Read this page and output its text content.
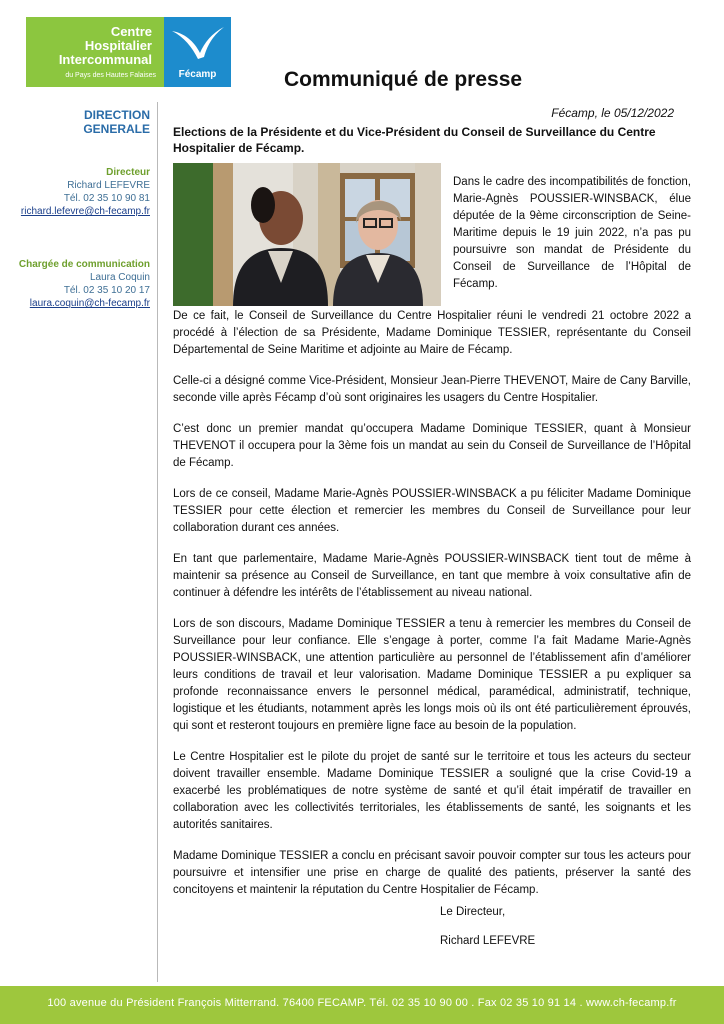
Centre
Hospitalier
Intercommunal
du Pays des Hautes Falaises	Fécamp	Communiqué de presse
DIRECTION GENERALE
Directeur
Richard LEFEVRE
Tél. 02 35 10 90 81
richard.lefevre@ch-fecamp.fr
Chargée de communication
Laura Coquin
Tél. 02 35 10 20 17
laura.coquin@ch-fecamp.fr
Fécamp, le 05/12/2022
Elections de la Présidente et du Vice-Président du Conseil de Surveillance du Centre Hospitalier de Fécamp.
Dans le cadre des incompatibilités de fonction, Marie-Agnès POUSSIER-WINSBACK, élue députée de la 9ème circonscription de Seine-Maritime depuis le 19 juin 2022, n’a pas pu poursuivre son mandat de Présidente du Conseil de Surveillance de l’Hôpital de Fécamp.

De ce fait, le Conseil de Surveillance du Centre Hospitalier réuni le vendredi 21 octobre 2022 a procédé à l’élection de sa Présidente, Madame Dominique TESSIER, représentante du Conseil Départemental de Seine Maritime et adjointe au Maire de Fécamp.

Celle-ci a désigné comme Vice-Président, Monsieur Jean-Pierre THEVENOT, Maire de Cany Barville, seconde ville après Fécamp d’où sont originaires les usagers du Centre Hospitalier.

C’est donc un premier mandat qu’occupera Madame Dominique TESSIER, quant à Monsieur THEVENOT il occupera pour la 3ème fois un mandat au sein du Conseil de Surveillance de l’Hôpital de Fécamp.

Lors de ce conseil, Madame Marie-Agnès POUSSIER-WINSBACK a pu féliciter Madame Dominique TESSIER pour cette élection et remercier les membres du Conseil de Surveillance pour leur collaboration durant ces années.

En tant que parlementaire, Madame Marie-Agnès POUSSIER-WINSBACK tient tout de même à maintenir sa présence au Conseil de Surveillance, en tant que membre à voix consultative afin de continuer à défendre les intérêts de l’établissement au niveau national.

Lors de son discours, Madame Dominique TESSIER a tenu à remercier les membres du Conseil de Surveillance pour leur confiance. Elle s’engage à porter, comme l’a fait Madame Marie-Agnès POUSSIER-WINSBACK, une attention particulière au personnel de l’établissement afin d’améliorer leurs conditions de travail et leur valorisation. Madame Dominique TESSIER a pu expliquer sa profonde reconnaissance envers le personnel médical, paramédical, administratif, technique, logistique et les étudiants, notamment après les longs mois où ils ont été particulièrement éprouvés, qui sont et resteront toujours en première ligne face au besoin de la population.

Le Centre Hospitalier est le pilote du projet de santé sur le territoire et tous les acteurs du secteur doivent travailler ensemble. Madame Dominique TESSIER a souligné que la crise Covid-19 a exacerbé les problématiques de notre système de santé et qu’il était impératif de travailler en collaboration avec les collectivités territoriales, les établissements de santé, les soignants et les autorités sanitaires.

Madame Dominique TESSIER a conclu en précisant savoir pouvoir compter sur tous les acteurs pour poursuivre et intensifier une prise en charge de qualité des patients, préserver la santé des concitoyens et maintenir la réputation du Centre Hospitalier de Fécamp.

Le Directeur,
Richard LEFEVRE
100 avenue du Président François Mitterrand. 76400 FECAMP. Tél. 02 35 10 90 00 . Fax 02 35 10 91 14 . www.ch-fecamp.fr
